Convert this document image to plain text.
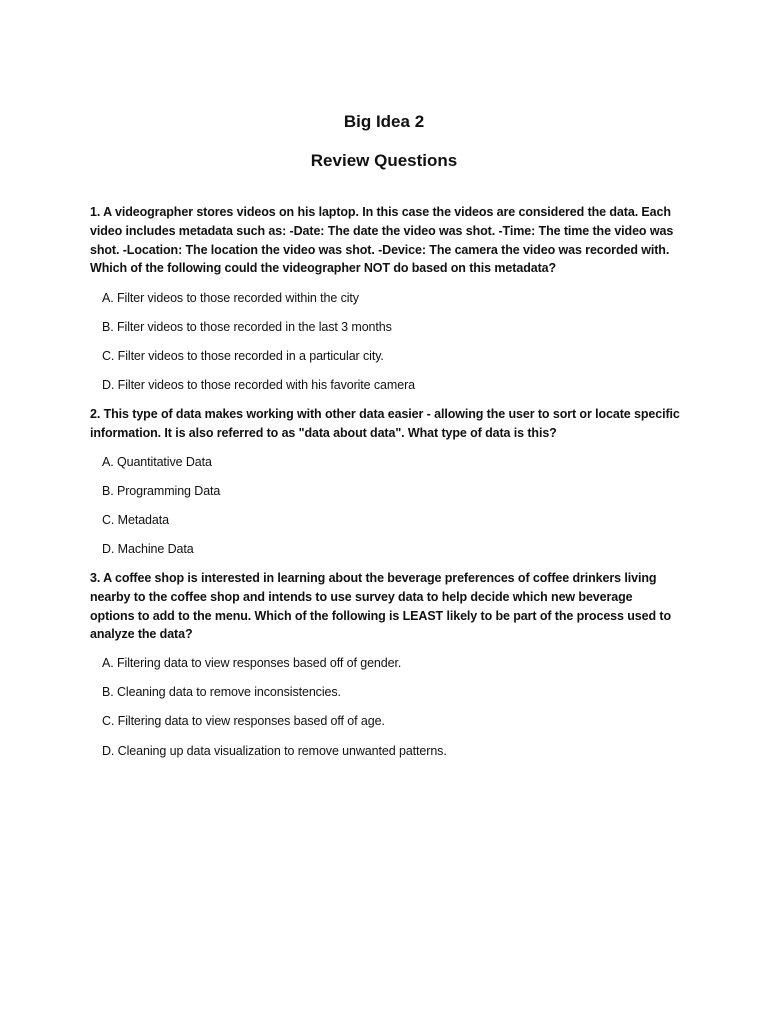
Big Idea 2
Review Questions

1. A videographer stores videos on his laptop. In this case the videos are considered the data. Each video includes metadata such as: -Date: The date the video was shot. -Time: The time the video was shot. -Location: The location the video was shot. -Device: The camera the video was recorded with. Which of the following could the videographer NOT do based on this metadata?

A. Filter videos to those recorded within the city

B. Filter videos to those recorded in the last 3 months

C. Filter videos to those recorded in a particular city.

D. Filter videos to those recorded with his favorite camera

2. This type of data makes working with other data easier - allowing the user to sort or locate specific information. It is also referred to as "data about data". What type of data is this?

A. Quantitative Data

B. Programming Data

C. Metadata

D. Machine Data

3. A coffee shop is interested in learning about the beverage preferences of coffee drinkers living nearby to the coffee shop and intends to use survey data to help decide which new beverage options to add to the menu. Which of the following is LEAST likely to be part of the process used to analyze the data?

A. Filtering data to view responses based off of gender.

B. Cleaning data to remove inconsistencies.

C. Filtering data to view responses based off of age.

D. Cleaning up data visualization to remove unwanted patterns.
